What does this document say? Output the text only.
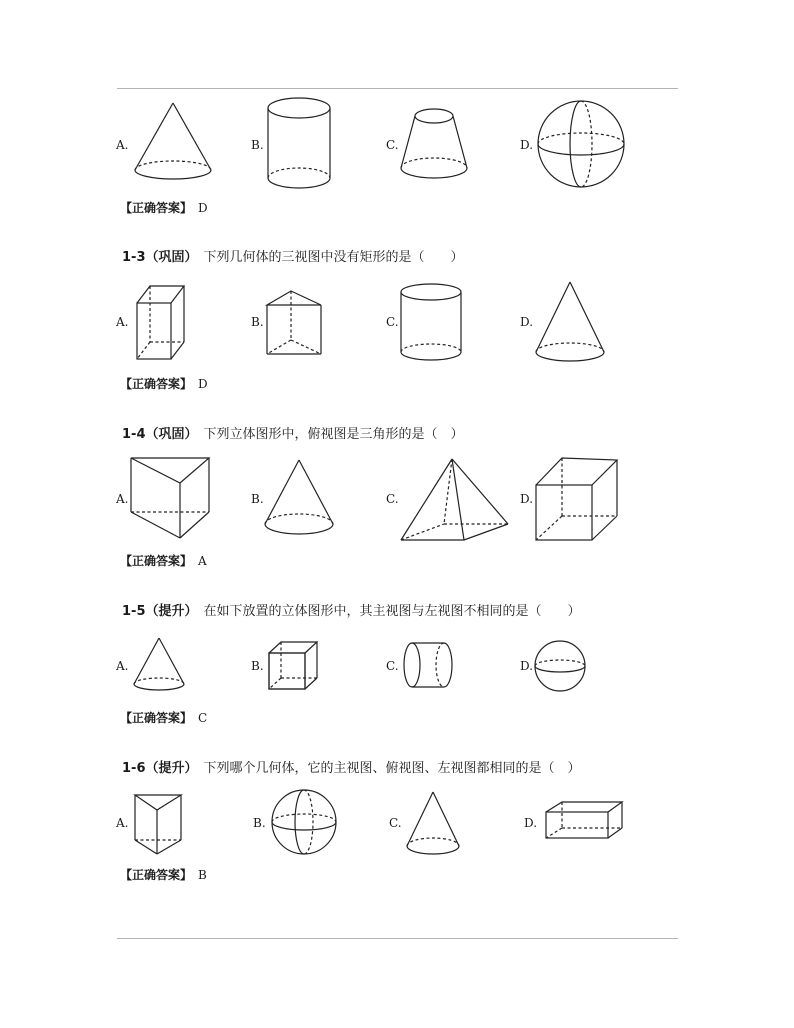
A.	B.	C.	D.
【正确答案】 D
1-3（巩固） 下列几何体的三视图中没有矩形的是（　　）
A.	B.	C.	D.
【正确答案】 D
1-4（巩固） 下列立体图形中，俯视图是三角形的是（　）
A.	B.	C.	D.
【正确答案】 A
1-5（提升） 在如下放置的立体图形中，其主视图与左视图不相同的是（　　）
A.	B.	C.	D.
【正确答案】 C
1-6（提升） 下列哪个几何体，它的主视图、俯视图、左视图都相同的是（　）
A.	B.	C.	D.
【正确答案】 B
